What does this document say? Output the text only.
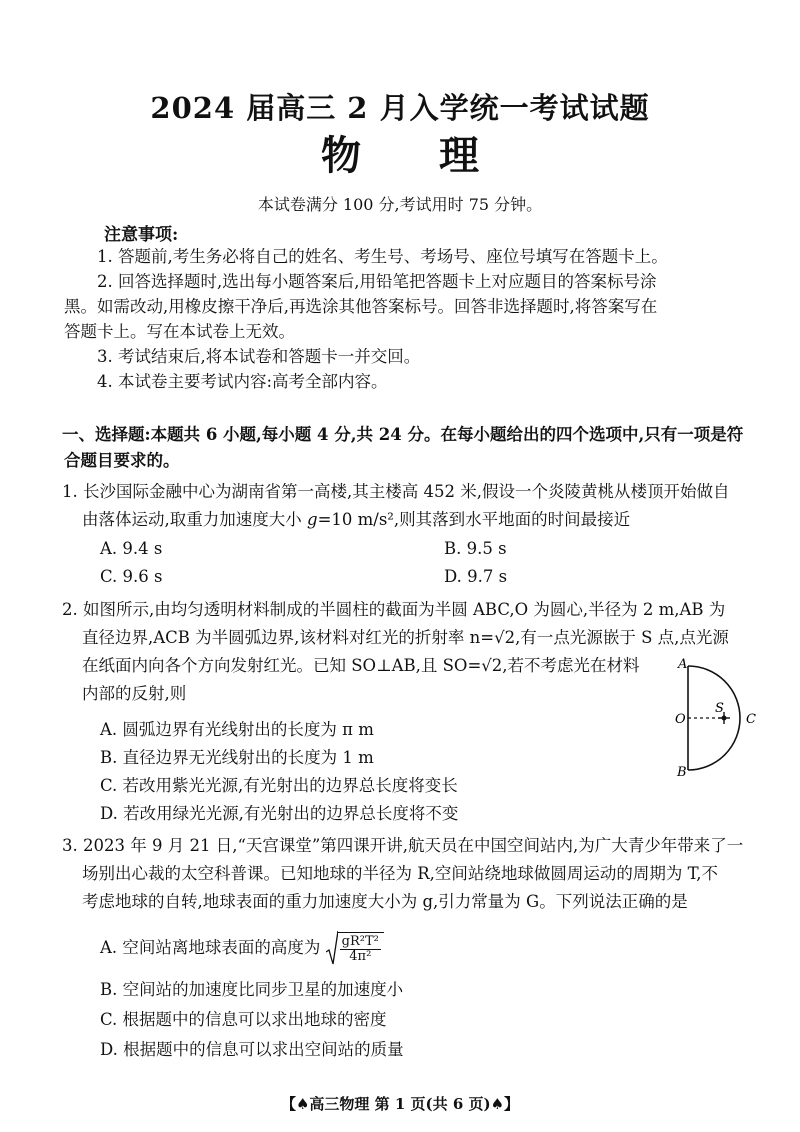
2024 届高三 2 月入学统一考试试题
物理
本试卷满分 100 分,考试用时 75 分钟。
注意事项:
1. 答题前,考生务必将自己的姓名、考生号、考场号、座位号填写在答题卡上。
2. 回答选择题时,选出每小题答案后,用铅笔把答题卡上对应题目的答案标号涂
黑。如需改动,用橡皮擦干净后,再选涂其他答案标号。回答非选择题时,将答案写在
答题卡上。写在本试卷上无效。
3. 考试结束后,将本试卷和答题卡一并交回。
4. 本试卷主要考试内容:高考全部内容。
一、选择题:本题共 6 小题,每小题 4 分,共 24 分。在每小题给出的四个选项中,只有一项是符
合题目要求的。
1. 长沙国际金融中心为湖南省第一高楼,其主楼高 452 米,假设一个炎陵黄桃从楼顶开始做自
由落体运动,取重力加速度大小 g=10 m/s²,则其落到水平地面的时间最接近
A. 9.4 s	B. 9.5 s
C. 9.6 s	D. 9.7 s
2. 如图所示,由均匀透明材料制成的半圆柱的截面为半圆 ABC,O 为圆心,半径为 2 m,AB 为
直径边界,ACB 为半圆弧边界,该材料对红光的折射率 n=√2,有一点光源嵌于 S 点,点光源
在纸面内向各个方向发射红光。已知 SO⊥AB,且 SO=√2,若不考虑光在材料
内部的反射,则
A. 圆弧边界有光线射出的长度为 π m
B. 直径边界无光线射出的长度为 1 m
C. 若改用紫光光源,有光射出的边界总长度将变长
D. 若改用绿光光源,有光射出的边界总长度将不变
A
B
O
S
C
3. 2023 年 9 月 21 日,“天宫课堂”第四课开讲,航天员在中国空间站内,为广大青少年带来了一
场别出心裁的太空科普课。已知地球的半径为 R,空间站绕地球做圆周运动的周期为 T,不
考虑地球的自转,地球表面的重力加速度大小为 g,引力常量为 G。下列说法正确的是
A. 空间站离地球表面的高度为 $\frac{\text{gR²T²}}{\text{4π²}}$
B. 空间站的加速度比同步卫星的加速度小
C. 根据题中的信息可以求出地球的密度
D. 根据题中的信息可以求出空间站的质量
【♠高三物理 第 1 页(共 6 页)♠】
